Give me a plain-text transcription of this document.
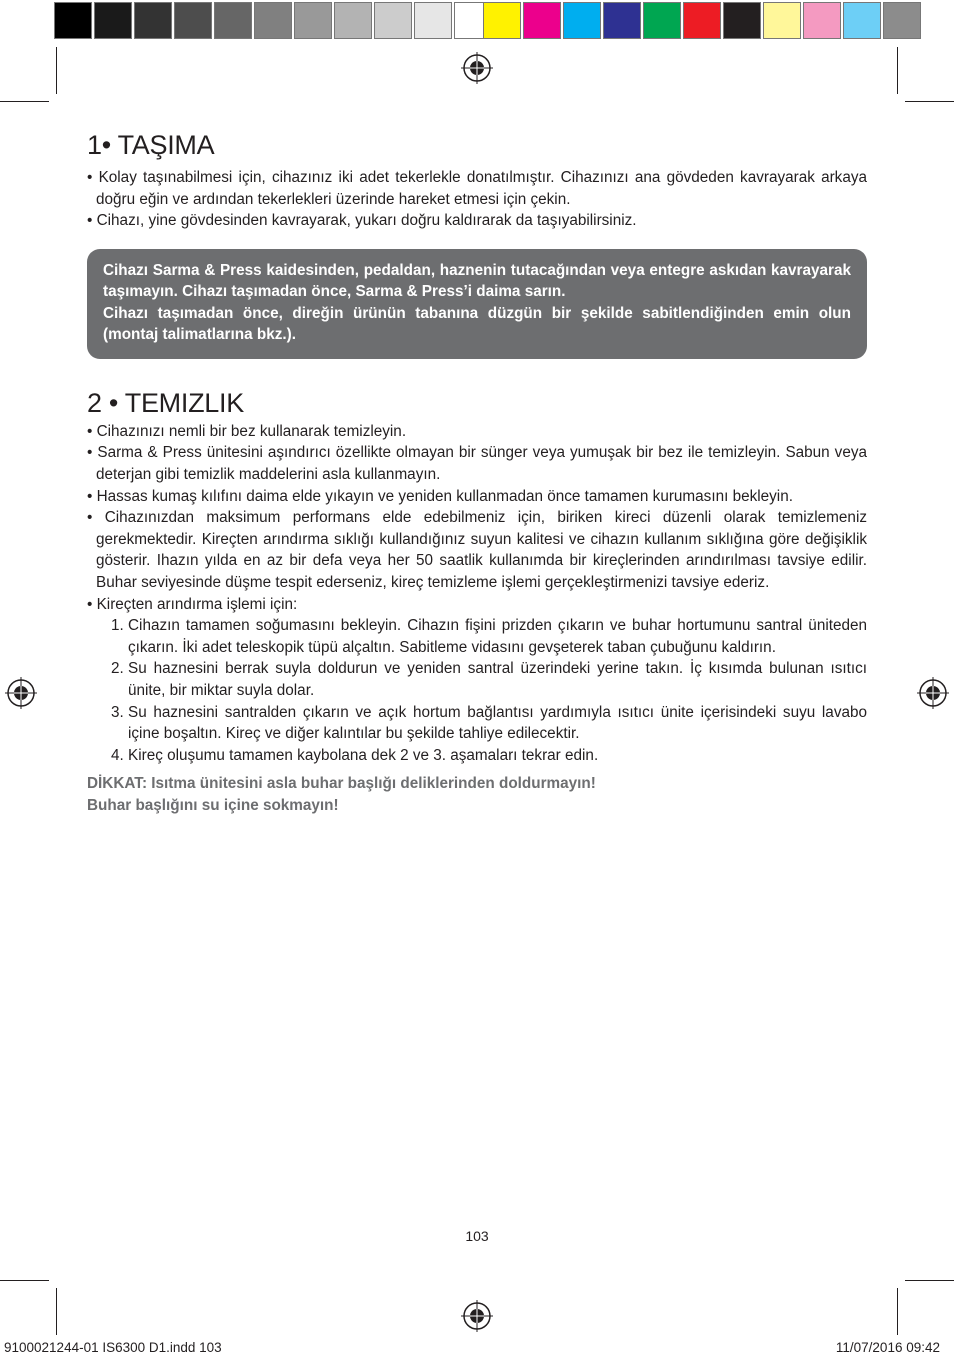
1• TAŞIMA

• Kolay taşınabilmesi için, cihazınız iki adet tekerlekle donatılmıştır. Cihazınızı ana gövdeden kavrayarak arkaya doğru eğin ve ardından tekerlekleri üzerinde hareket etmesi için çekin.

• Cihazı, yine gövdesinden kavrayarak, yukarı doğru kaldırarak da taşıyabilirsiniz.

Cihazı Sarma & Press kaidesinden, pedaldan, haznenin tutacağından veya entegre askıdan kavrayarak taşımayın. Cihazı taşımadan önce, Sarma & Press’i daima sarın.

Cihazı taşımadan önce, direğin ürünün tabanına düzgün bir şekilde sabitlendiğinden emin olun (montaj talimatlarına bkz.).

2 • TEMIZLIK

• Cihazınızı nemli bir bez kullanarak temizleyin.

• Sarma & Press ünitesini aşındırıcı özellikte olmayan bir sünger veya yumuşak bir bez ile temizleyin. Sabun veya deterjan gibi temizlik maddelerini asla kullanmayın.

• Hassas kumaş kılıfını daima elde yıkayın ve yeniden kullanmadan önce tamamen kurumasını bekleyin.

• Cihazınızdan maksimum performans elde edebilmeniz için, biriken kireci düzenli olarak temizlemeniz gerekmektedir. Kireçten arındırma sıklığı kullandığınız suyun kalitesi ve cihazın kullanım sıklığına göre değişiklik gösterir. Ihazın yılda en az bir defa veya her 50 saatlik kullanımda bir kireçlerinden arındırılması tavsiye edilir. Buhar seviyesinde düşme tespit ederseniz, kireç temizleme işlemi gerçekleştirmenizi tavsiye ederiz.

• Kireçten arındırma işlemi için:

1. Cihazın tamamen soğumasını bekleyin. Cihazın fişini prizden çıkarın ve buhar hortumunu santral üniteden çıkarın. İki adet teleskopik tüpü alçaltın. Sabitleme vidasını gevşeterek taban çubuğunu kaldırın.
2. Su haznesini berrak suyla doldurun ve yeniden santral üzerindeki yerine takın. İç kısımda bulunan ısıtıcı ünite, bir miktar suyla dolar.
3. Su haznesini santralden çıkarın ve açık hortum bağlantısı yardımıyla ısıtıcı ünite içerisindeki suyu lavabo içine boşaltın. Kireç ve diğer kalıntılar bu şekilde tahliye edilecektir.
4. Kireç oluşumu tamamen kaybolana dek 2 ve 3. aşamaları tekrar edin.

DİKKAT: Isıtma ünitesini asla buhar başlığı deliklerinden doldurmayın!

Buhar başlığını su içine sokmayın!

103
9100021244-01 IS6300 D1.indd 103	11/07/2016 09:42
